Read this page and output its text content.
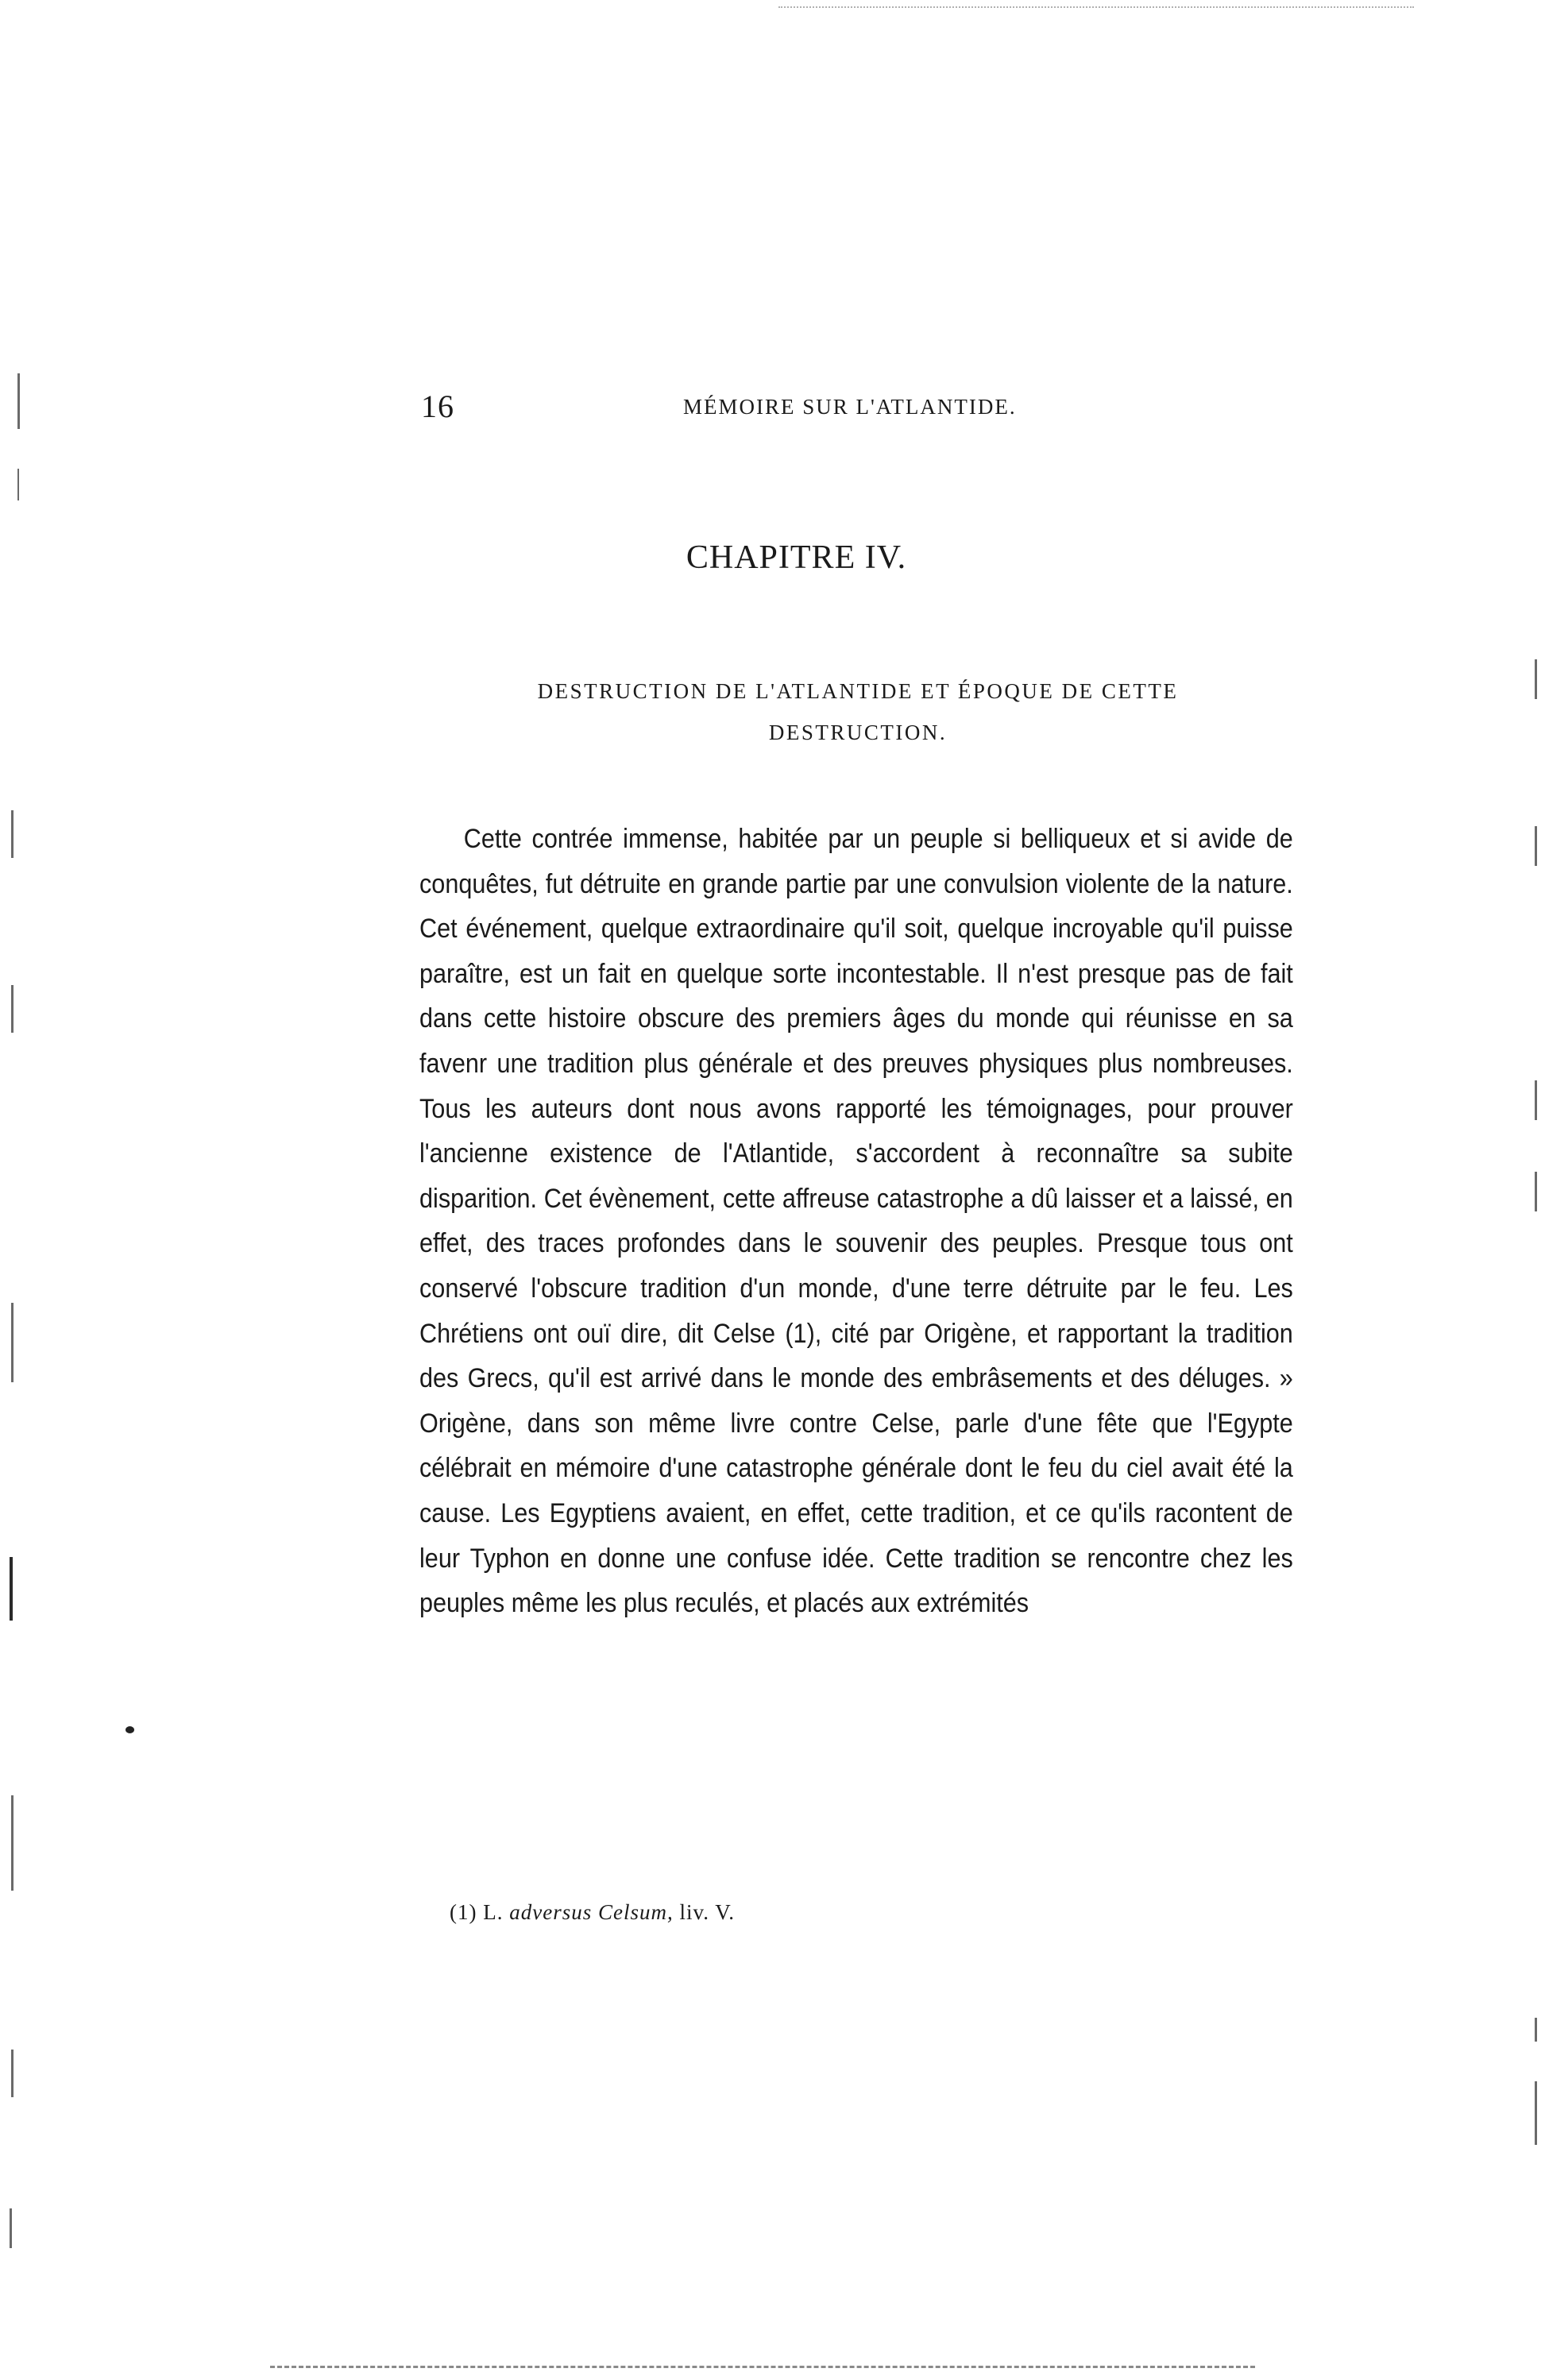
16	MÉMOIRE SUR L'ATLANTIDE.
CHAPITRE IV.
DESTRUCTION DE L'ATLANTIDE ET ÉPOQUE DE CETTE
DESTRUCTION.

Cette contrée immense, habitée par un peuple si belliqueux et si avide de conquêtes, fut détruite en grande partie par une convulsion violente de la nature. Cet événement, quelque extraordinaire qu'il soit, quelque incroyable qu'il puisse paraître, est un fait en quelque sorte incontestable. Il n'est presque pas de fait dans cette histoire obscure des premiers âges du monde qui réunisse en sa favenr une tradition plus générale et des preuves physiques plus nombreuses. Tous les auteurs dont nous avons rapporté les témoignages, pour prouver l'ancienne existence de l'Atlantide, s'accordent à reconnaître sa subite disparition. Cet évènement, cette affreuse catastrophe a dû laisser et a laissé, en effet, des traces profondes dans le souvenir des peuples. Presque tous ont conservé l'obscure tradition d'un monde, d'une terre détruite par le feu. Les Chrétiens ont ouï dire, dit Celse (1), cité par Origène, et rapportant la tradition des Grecs, qu'il est arrivé dans le monde des embrâsements et des déluges. » Origène, dans son même livre contre Celse, parle d'une fête que l'Egypte célébrait en mémoire d'une catastrophe générale dont le feu du ciel avait été la cause. Les Egyptiens avaient, en effet, cette tradition, et ce qu'ils racontent de leur Typhon en donne une confuse idée. Cette tradition se rencontre chez les peuples même les plus reculés, et placés aux extrémités

(1) L. adversus Celsum, liv. V.
